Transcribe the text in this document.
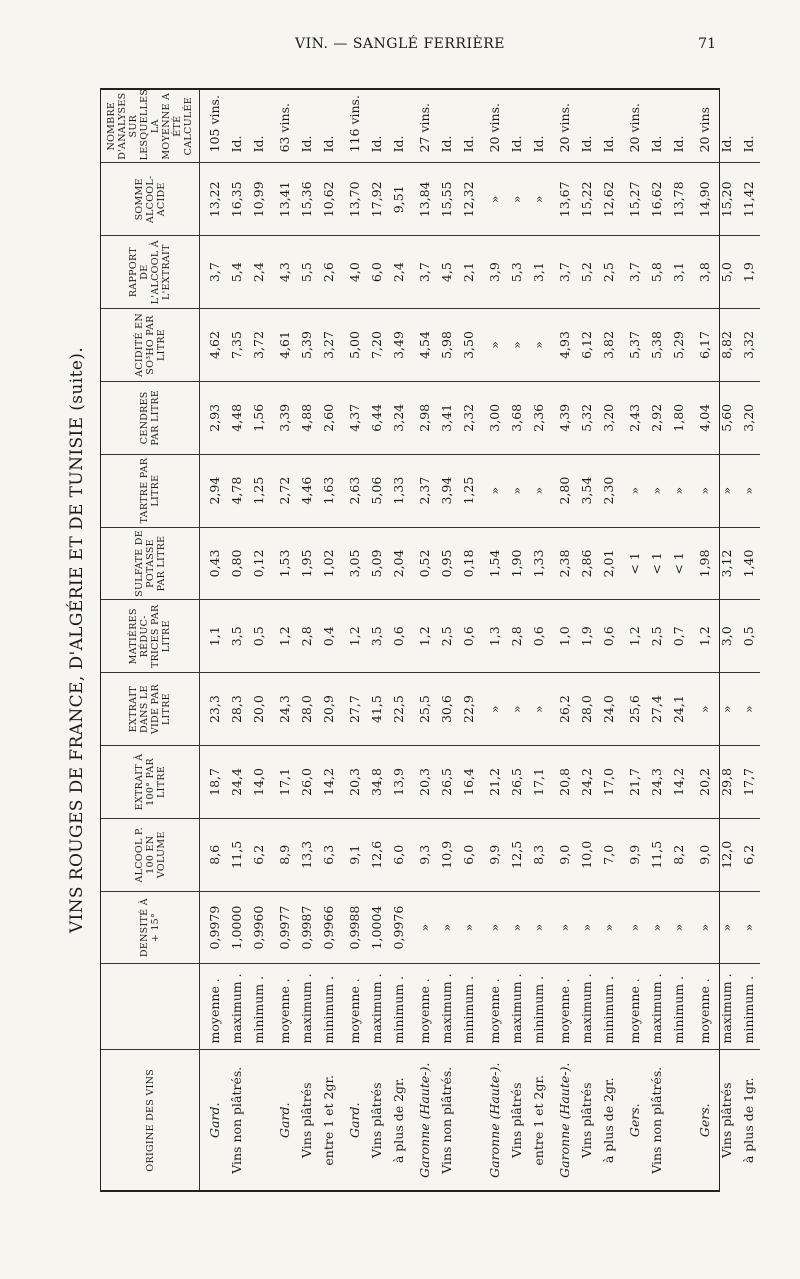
VIN. — SANGLÉ FERRIÈRE	71
VINS ROUGES DE FRANCE, D'ALGÉRIE ET DE TUNISIE (suite).
ORIGINE DES VINS		DENSITÉ À + 15°	ALCOOL P. 100 EN VOLUME	EXTRAIT À 100° PAR LITRE	EXTRAIT DANS LE VIDE PAR LITRE	MATIÈRES RÉDUC- TRICES PAR LITRE	SULFATE DE POTASSE PAR LITRE	TARTRE PAR LITRE	CENDRES PAR LITRE	ACIDITÉ EN SO³HO PAR LITRE	RAPPORT DE L'ALCOOL À L'EXTRAIT	SOMME ALCOOL- ACIDE	NOMBRE D'ANALYSES SUR LESQUELLES LA MOYENNE A ÉTÉ CALCULÉE
Gard.	moyenne .	0,9979	8,6	18,7	23,3	1,1	0,43	2,94	2,93	4,62	3,7	13,22	105 vins.
Vins non plâtrés.	maximum .	1,0000	11,5	24,4	28,3	3,5	0,80	4,78	4,48	7,35	5,4	16,35	Id.
	minimum .	0,9960	6,2	14,0	20,0	0,5	0,12	1,25	1,56	3,72	2,4	10,99	Id.
Gard.	moyenne .	0,9977	8,9	17,1	24,3	1,2	1,53	2,72	3,39	4,61	4,3	13,41	63 vins.
Vins plâtrés	maximum .	0,9987	13,3	26,0	28,0	2,8	1,95	4,46	4,88	5,39	5,5	15,36	Id.
entre 1 et 2gr.	minimum .	0,9966	6,3	14,2	20,9	0,4	1,02	1,63	2,60	3,27	2,6	10,62	Id.
Gard.	moyenne .	0,9988	9,1	20,3	27,7	1,2	3,05	2,63	4,37	5,00	4,0	13,70	116 vins.
Vins plâtrés	maximum .	1,0004	12,6	34,8	41,5	3,5	5,09	5,06	6,44	7,20	6,0	17,92	Id.
à plus de 2gr.	minimum .	0,9976	6,0	13,9	22,5	0,6	2,04	1,33	3,24	3,49	2,4	9,51	Id.
Garonne (Haute-).	moyenne .	»	9,3	20,3	25,5	1,2	0,52	2,37	2,98	4,54	3,7	13,84	27 vins.
Vins non plâtrés.	maximum .	»	10,9	26,5	30,6	2,5	0,95	3,94	3,41	5,98	4,5	15,55	Id.
	minimum .	»	6,0	16,4	22,9	0,6	0,18	1,25	2,32	3,50	2,1	12,32	Id.
Garonne (Haute-).	moyenne .	»	9,9	21,2	»	1,3	1,54	»	3,00	»	3,9	»	20 vins.
Vins plâtrés	maximum .	»	12,5	26,5	»	2,8	1,90	»	3,68	»	5,3	»	Id.
entre 1 et 2gr.	minimum .	»	8,3	17,1	»	0,6	1,33	»	2,36	»	3,1	»	Id.
Garonne (Haute-).	moyenne .	»	9,0	20,8	26,2	1,0	2,38	2,80	4,39	4,93	3,7	13,67	20 vins.
Vins plâtrés	maximum .	»	10,0	24,2	28,0	1,9	2,86	3,54	5,32	6,12	5,2	15,22	Id.
à plus de 2gr.	minimum .	»	7,0	17,0	24,0	0,6	2,01	2,30	3,20	3,82	2,5	12,62	Id.
Gers.	moyenne .	»	9,9	21,7	25,6	1,2	< 1	»	2,43	5,37	3,7	15,27	20 vins.
Vins non plâtrés.	maximum .	»	11,5	24,3	27,4	2,5	< 1	»	2,92	5,38	5,8	16,62	Id.
	minimum .	»	8,2	14,2	24,1	0,7	< 1	»	1,80	5,29	3,1	13,78	Id.
Gers.	moyenne .	»	9,0	20,2	»	1,2	1,98	»	4,04	6,17	3,8	14,90	20 vins
Vins plâtrés	maximum .	»	12,0	29,8	»	3,0	3,12	»	5,60	8,82	5,0	15,20	Id.
à plus de 1gr.	minimum .	»	6,2	17,7	»	0,5	1,40	»	3,20	3,32	1,9	11,42	Id.
